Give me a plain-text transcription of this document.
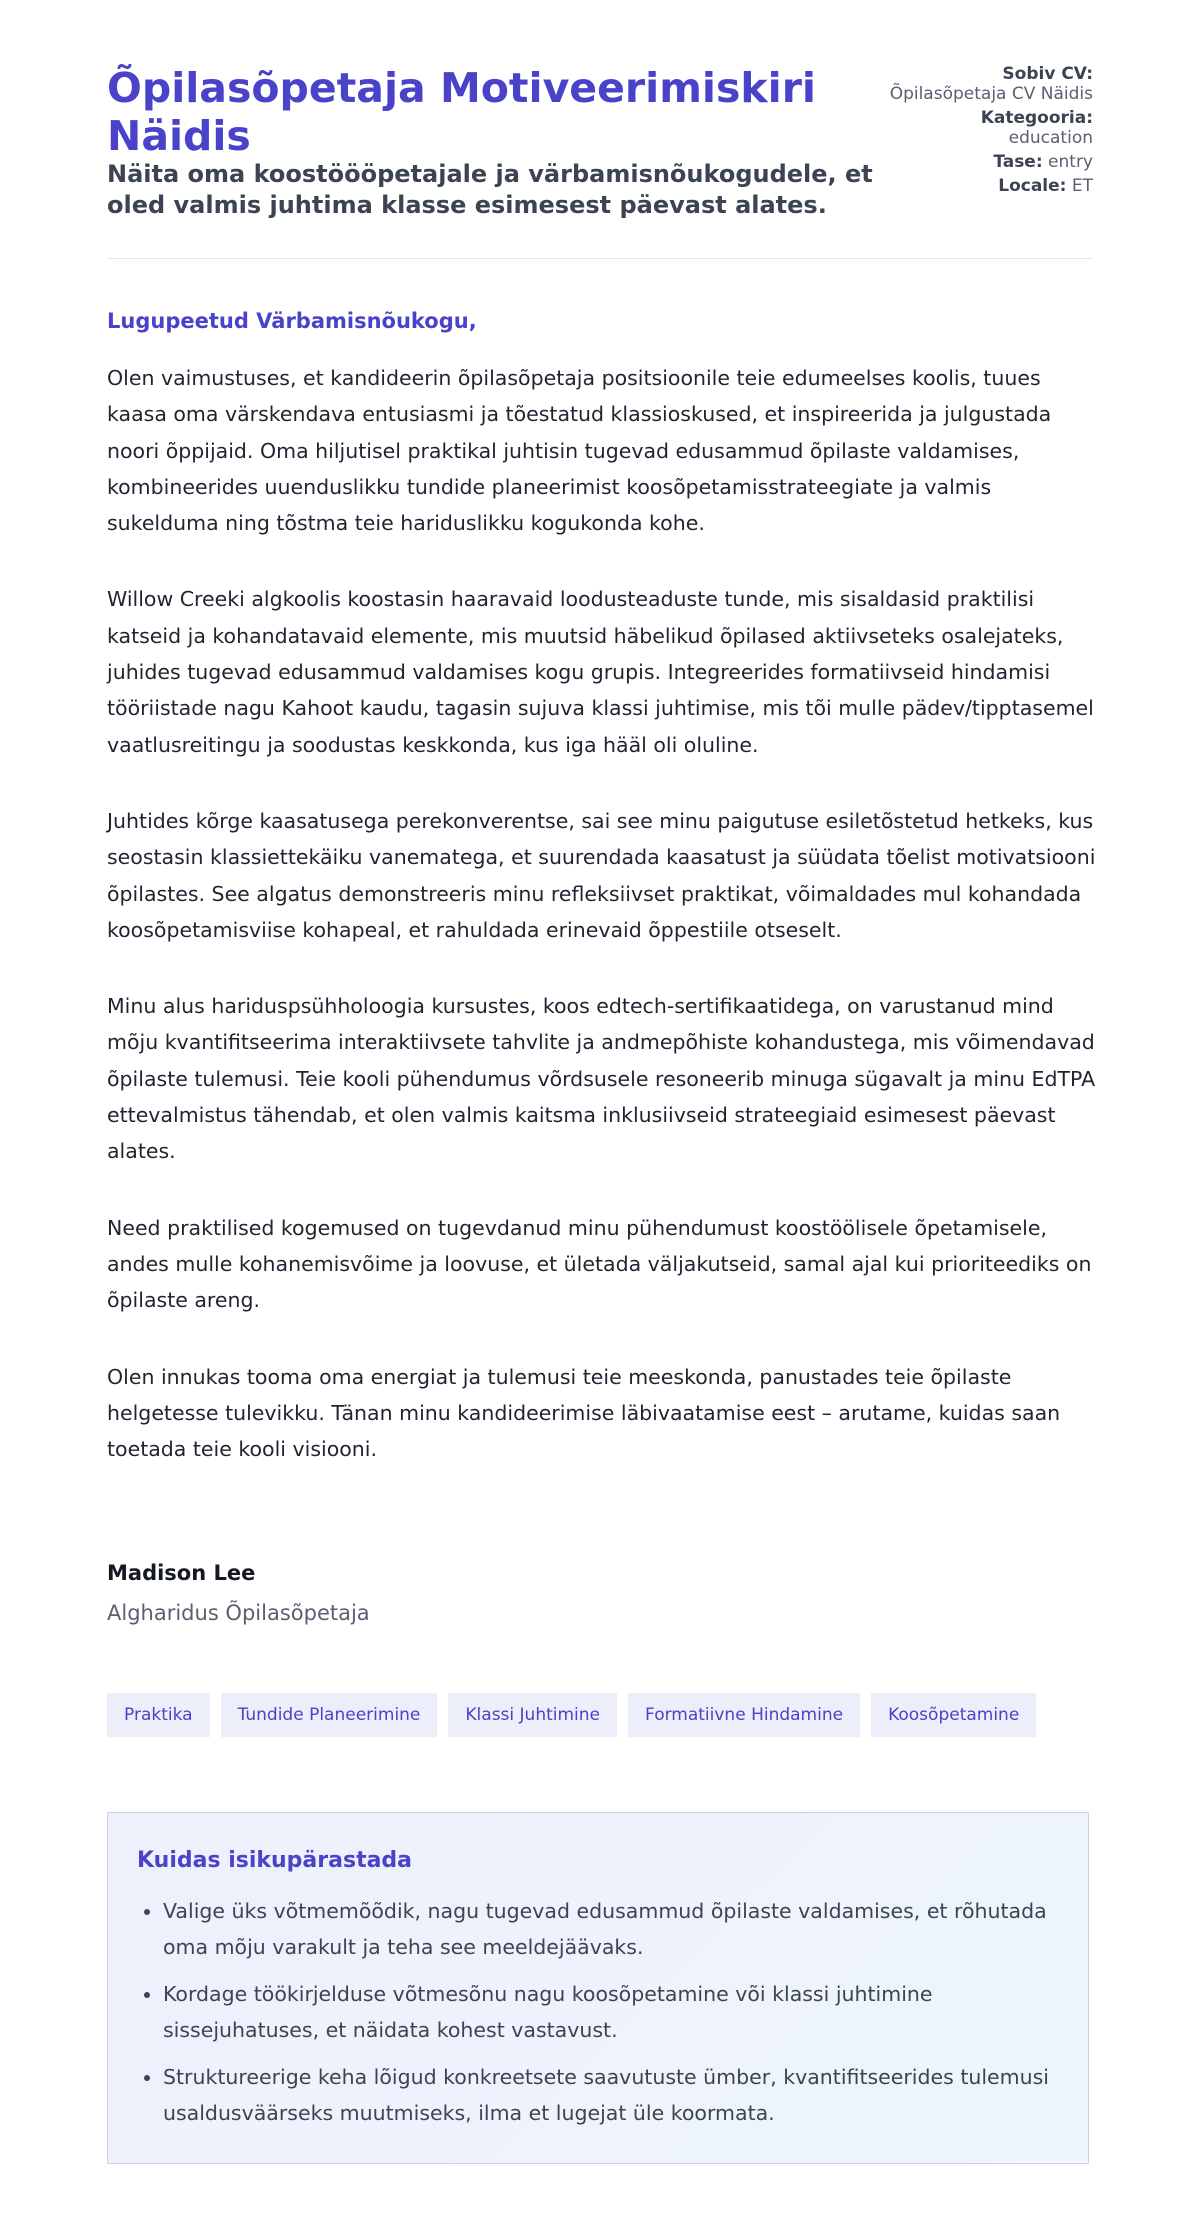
Õpilasõpetaja Motiveerimiskiri Näidis
Näita oma koostöööpetajale ja värbamisnõukogudele, et oled valmis juhtima klasse esimesest päevast alates.
Sobiv CV:
Õpilasõpetaja CV Näidis
Kategooria:
education
Tase: entry
Locale: ET

Lugupeetud Värbamisnõukogu,

Olen vaimustuses, et kandideerin õpilasõpetaja positsioonile teie edumeelses koolis, tuues kaasa oma värskendava entusiasmi ja tõestatud klassioskused, et inspireerida ja julgustada noori õppijaid. Oma hiljutisel praktikal juhtisin tugevad edusammud õpilaste valdamises, kombineerides uuenduslikku tundide planeerimist koosõpetamisstrateegiate ja valmis sukelduma ning tõstma teie hariduslikku kogukonda kohe.

Willow Creeki algkoolis koostasin haaravaid loodusteaduste tunde, mis sisaldasid praktilisi katseid ja kohandatavaid elemente, mis muutsid häbelikud õpilased aktiivseteks osalejateks, juhides tugevad edusammud valdamises kogu grupis. Integreerides formatiivseid hindamisi tööriistade nagu Kahoot kaudu, tagasin sujuva klassi juhtimise, mis tõi mulle pädev/tipptasemel vaatlusreitingu ja soodustas keskkonda, kus iga hääl oli oluline.

Juhtides kõrge kaasatusega perekonverentse, sai see minu paigutuse esiletõstetud hetkeks, kus seostasin klassiettekäiku vanematega, et suurendada kaasatust ja süüdata tõelist motivatsiooni õpilastes. See algatus demonstreeris minu refleksiivset praktikat, võimaldades mul kohandada koosõpetamisviise kohapeal, et rahuldada erinevaid õppestiile otseselt.

Minu alus hariduspsühholoogia kursustes, koos edtech-sertifikaatidega, on varustanud mind mõju kvantifitseerima interaktiivsete tahvlite ja andmepõhiste kohandustega, mis võimendavad õpilaste tulemusi. Teie kooli pühendumus võrdsusele resoneerib minuga sügavalt ja minu EdTPA ettevalmistus tähendab, et olen valmis kaitsma inklusiivseid strateegiaid esimesest päevast alates.

Need praktilised kogemused on tugevdanud minu pühendumust koostöölisele õpetamisele, andes mulle kohanemisvõime ja loovuse, et ületada väljakutseid, samal ajal kui prioriteediks on õpilaste areng.

Olen innukas tooma oma energiat ja tulemusi teie meeskonda, panustades teie õpilaste helgetesse tulevikku. Tänan minu kandideerimise läbivaatamise eest – arutame, kuidas saan toetada teie kooli visiooni.

Madison Lee

Algharidus Õpilasõpetaja

Praktika	Tundide Planeerimine	Klassi Juhtimine	Formatiivne Hindamine	Koosõpetamine
Kuidas isikupärastada
• Valige üks võtmemõõdik, nagu tugevad edusammud õpilaste valdamises, et rõhutada oma mõju varakult ja teha see meeldejäävaks.
• Kordage töökirjelduse võtmesõnu nagu koosõpetamine või klassi juhtimine sissejuhatuses, et näidata kohest vastavust.
• Struktureerige keha lõigud konkreetsete saavutuste ümber, kvantifitseerides tulemusi usaldusväärseks muutmiseks, ilma et lugejat üle koormata.
